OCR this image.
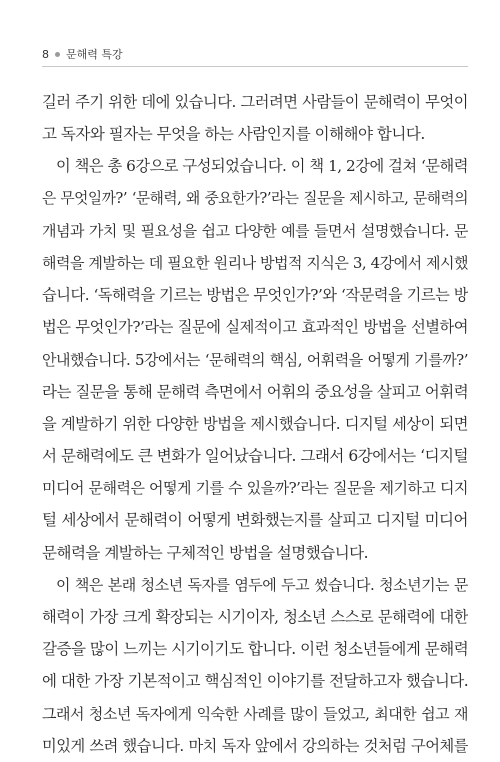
8 문해력 특강
길러 주기 위한 데에 있습니다. 그러려면 사람들이 문해력이 무엇이
고 독자와 필자는 무엇을 하는 사람인지를 이해해야 합니다.
이 책은 총 6강으로 구성되었습니다. 이 책 1, 2강에 걸쳐 ‘문해력
은 무엇일까?’ ‘문해력, 왜 중요한가?’라는 질문을 제시하고, 문해력의
개념과 가치 및 필요성을 쉽고 다양한 예를 들면서 설명했습니다. 문
해력을 계발하는 데 필요한 원리나 방법적 지식은 3, 4강에서 제시했
습니다. ‘독해력을 기르는 방법은 무엇인가?’와 ‘작문력을 기르는 방
법은 무엇인가?’라는 질문에 실제적이고 효과적인 방법을 선별하여
안내했습니다. 5강에서는 ‘문해력의 핵심, 어휘력을 어떻게 기를까?’
라는 질문을 통해 문해력 측면에서 어휘의 중요성을 살피고 어휘력
을 계발하기 위한 다양한 방법을 제시했습니다. 디지털 세상이 되면
서 문해력에도 큰 변화가 일어났습니다. 그래서 6강에서는 ‘디지털
미디어 문해력은 어떻게 기를 수 있을까?’라는 질문을 제기하고 디지
털 세상에서 문해력이 어떻게 변화했는지를 살피고 디지털 미디어
문해력을 계발하는 구체적인 방법을 설명했습니다.
이 책은 본래 청소년 독자를 염두에 두고 썼습니다. 청소년기는 문
해력이 가장 크게 확장되는 시기이자, 청소년 스스로 문해력에 대한
갈증을 많이 느끼는 시기이기도 합니다. 이런 청소년들에게 문해력
에 대한 가장 기본적이고 핵심적인 이야기를 전달하고자 했습니다.
그래서 청소년 독자에게 익숙한 사례를 많이 들었고, 최대한 쉽고 재
미있게 쓰려 했습니다. 마치 독자 앞에서 강의하는 것처럼 구어체를
